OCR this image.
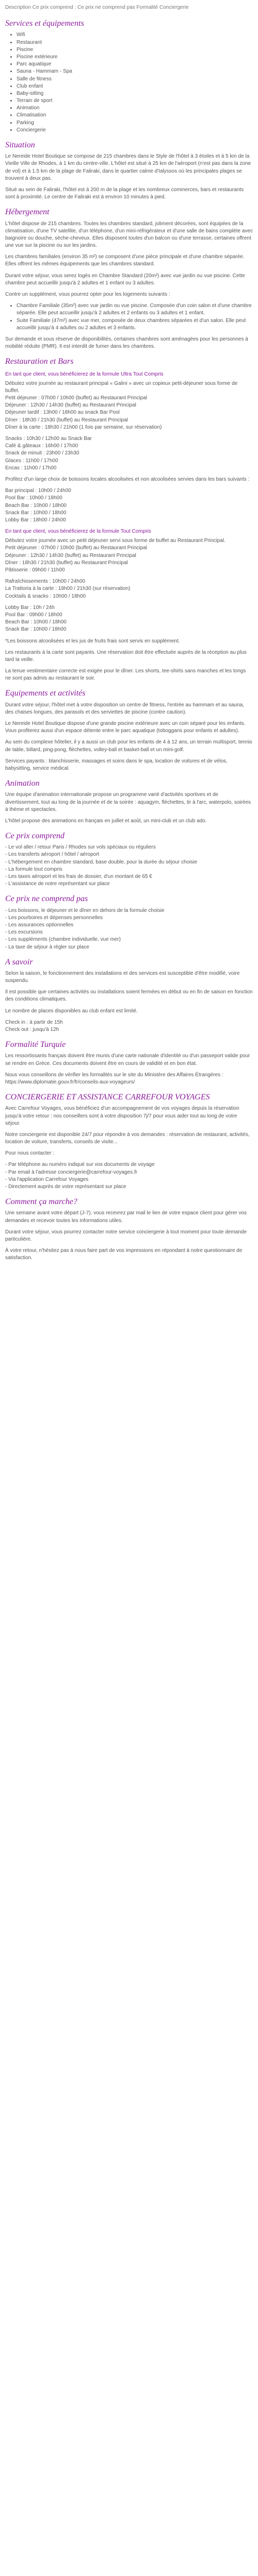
Description Ce prix comprend : Ce prix ne comprend pas Formalité Conciergerie

Services et équipements
• Wifi
• Restaurant
• Piscine
• Piscine extérieure
• Parc aquatique
• Sauna - Hammam - Spa
• Salle de fitness
• Club enfant
• Baby-sitting
• Terrain de sport
• Animation
• Climatisation
• Parking
• Conciergerie
Situation

Le Nereide Hotel Boutique se compose de 215 chambres dans le Style de l'hôtel à 3 étoiles et à 5 km de la Vieille Ville de Rhodes, à 1 km du centre-ville. L'hôtel est situé à 25 km de l'aéroport (n'est pas dans la zone de vol) et à 1.5 km de la plage de Faliraki, dans le quartier calme d'Ialyssos où les principales plages se trouvent à deux pas.

Situé au sein de Faliraki, l'hôtel est à 200 m de la plage et les nombreux commerces, bars et restaurants sont à proximité. Le centre de Faliraki est à environ 10 minutes à pied.

Hébergement

L'hôtel dispose de 215 chambres. Toutes les chambres standard, joliment décorées, sont équipées de la climatisation, d'une TV satellite, d'un téléphone, d'un mini-réfrigérateur et d'une salle de bains complète avec baignoire ou douche, sèche-cheveux. Elles disposent toutes d'un balcon ou d'une terrasse, certaines offrent une vue sur la piscine ou sur les jardins.

Les chambres familiales (environ 35 m²) se composent d'une pièce principale et d'une chambre séparée. Elles offrent les mêmes équipements que les chambres standard.

Durant votre séjour, vous serez logés en Chambre Standard (20m²) avec vue jardin ou vue piscine. Cette chambre peut accueillir jusqu'à 2 adultes et 1 enfant ou 3 adultes.

Contre un supplément, vous pourrez opter pour les logements suivants :

• Chambre Familiale (35m²) avec vue jardin ou vue piscine. Composée d'un coin salon et d'une chambre séparée. Elle peut accueillir jusqu'à 2 adultes et 2 enfants ou 3 adultes et 1 enfant.
• Suite Familiale (47m²) avec vue mer, composée de deux chambres séparées et d'un salon. Elle peut accueillir jusqu'à 4 adultes ou 2 adultes et 3 enfants.

Sur demande et sous réserve de disponibilités, certaines chambres sont aménagées pour les personnes à mobilité réduite (PMR). Il est interdit de fumer dans les chambres.

Restauration et Bars

En tant que client, vous bénéficierez de la formule Ultra Tout Compris

Débutez votre journée au restaurant principal « Galini » avec un copieux petit-déjeuner sous forme de buffet.
Petit déjeuner : 07h00 / 10h00 (buffet) au Restaurant Principal
Déjeuner : 12h30 / 14h30 (buffet) au Restaurant Principal
Déjeuner tardif : 13h00 / 18h00 au snack Bar Pool
Dîner : 18h30 / 21h30 (buffet) au Restaurant Principal
Dîner à la carte : 18h30 / 21h00 (1 fois par semaine, sur réservation)
Snacks : 10h30 / 12h00 au Snack Bar
Café & gâteaux : 16h00 / 17h00
Snack de minuit : 23h00 / 23h30
Glaces : 11h00 / 17h00
Encas : 11h00 / 17h00

Profitez d'un large choix de boissons locales alcoolisées et non alcoolisées servies dans les bars suivants :

Bar principal : 10h00 / 24h00
Pool Bar : 10h00 / 18h00
Beach Bar : 10h00 / 18h00
Snack Bar : 10h00 / 18h00
Lobby Bar : 18h00 / 24h00

En tant que client, vous bénéficierez de la formule Tout Compris

Débutez votre journée avec un petit déjeuner servi sous forme de buffet au Restaurant Principal.
Petit déjeuner : 07h00 / 10h00 (buffet) au Restaurant Principal
Déjeuner : 12h30 / 14h30 (buffet) au Restaurant Principal
Dîner : 18h30 / 21h30 (buffet) au Restaurant Principal
Pâtisserie : 09h00 / 11h00
Rafraîchissements : 10h00 / 24h00
La Trattoria à la carte : 19h00 / 21h30 (sur réservation)
Cocktails & snacks : 10h00 / 18h00
Lobby Bar : 10h / 24h
Pool Bar : 09h00 / 18h00
Beach Bar : 10h00 / 18h00
Snack Bar : 10h00 / 18h00

*Les boissons alcoolisées et les jus de fruits frais sont servis en supplément.

Les restaurants à la carte sont payants. Une réservation doit être effectuée auprès de la réception au plus tard la veille.

La tenue vestimentaire correcte est exigée pour le dîner. Les shorts, tee-shirts sans manches et les tongs ne sont pas admis au restaurant le soir.

Equipements et activités

Durant votre séjour, l'hôtel met à votre disposition un centre de fitness, l'entrée au hammam et au sauna, des chaises longues, des parasols et des serviettes de piscine (contre caution).

Le Nereide Hotel Boutique dispose d'une grande piscine extérieure avec un coin séparé pour les enfants. Vous profiterez aussi d'un espace détente entre le parc aquatique (toboggans pour enfants et adultes).

Au sein du complexe hôtelier, il y a aussi un club pour les enfants de 4 à 12 ans, un terrain multisport, tennis de table, billard, ping-pong, fléchettes, volley-ball et basket-ball et un mini-golf.

Services payants : blanchisserie, massages et soins dans le spa, location de voitures et de vélos, babysitting, service médical.

Animation

Une équipe d'animation internationale propose un programme varié d'activités sportives et de divertissement, tout au long de la journée et de la soirée : aquagym, fléchettes, tir à l'arc, waterpolo, soirées à thème et spectacles.

L'hôtel propose des animations en français en juillet et août, un mini-club et un club ado.

Ce prix comprend
- Le vol aller / retour Paris / Rhodes sur vols spéciaux ou réguliers
- Les transferts aéroport / hôtel / aéroport
- L'hébergement en chambre standard, base double, pour la durée du séjour choisie
- La formule tout compris
- Les taxes aéroport et les frais de dossier, d'un montant de 65 €
- L'assistance de notre représentant sur place
Ce prix ne comprend pas
- Les boissons, le déjeuner et le dîner en dehors de la formule choisie
- Les pourboires et dépenses personnelles
- Les assurances optionnelles
- Les excursions
- Les suppléments (chambre individuelle, vue mer)
- La taxe de séjour à régler sur place
A savoir

Selon la saison, le fonctionnement des installations et des services est susceptible d'être modifié, voire suspendu.

Il est possible que certaines activités ou installations soient fermées en début ou en fin de saison en fonction des conditions climatiques.

Le nombre de places disponibles au club enfant est limité.

Check in : à partir de 15h
Check out : jusqu'à 12h
Formalité Turquie

Les ressortissants français doivent être munis d'une carte nationale d'identité ou d'un passeport valide pour se rendre en Grèce. Ces documents doivent être en cours de validité et en bon état.

Nous vous conseillons de vérifier les formalités sur le site du Ministère des Affaires Étrangères : https://www.diplomatie.gouv.fr/fr/conseils-aux-voyageurs/

CONCIERGERIE ET ASSISTANCE CARREFOUR VOYAGES

Avec Carrefour Voyages, vous bénéficiez d'un accompagnement de vos voyages depuis la réservation jusqu'à votre retour : nos conseillers sont à votre disposition 7j/7 pour vous aider tout au long de votre séjour.

Notre conciergerie est disponible 24/7 pour répondre à vos demandes : réservation de restaurant, activités, location de voiture, transferts, conseils de visite...

Pour nous contacter :

- Par téléphone au numéro indiqué sur vos documents de voyage
- Par email à l'adresse conciergerie@carrefour-voyages.fr
- Via l'application Carrefour Voyages
- Directement auprès de votre représentant sur place
Comment ça marche?

Une semaine avant votre départ (J-7), vous recevrez par mail le lien de votre espace client pour gérer vos demandes et recevoir toutes les informations utiles.

Durant votre séjour, vous pourrez contacter notre service conciergerie à tout moment pour toute demande particulière.

À votre retour, n'hésitez pas à nous faire part de vos impressions en répondant à notre questionnaire de satisfaction.
